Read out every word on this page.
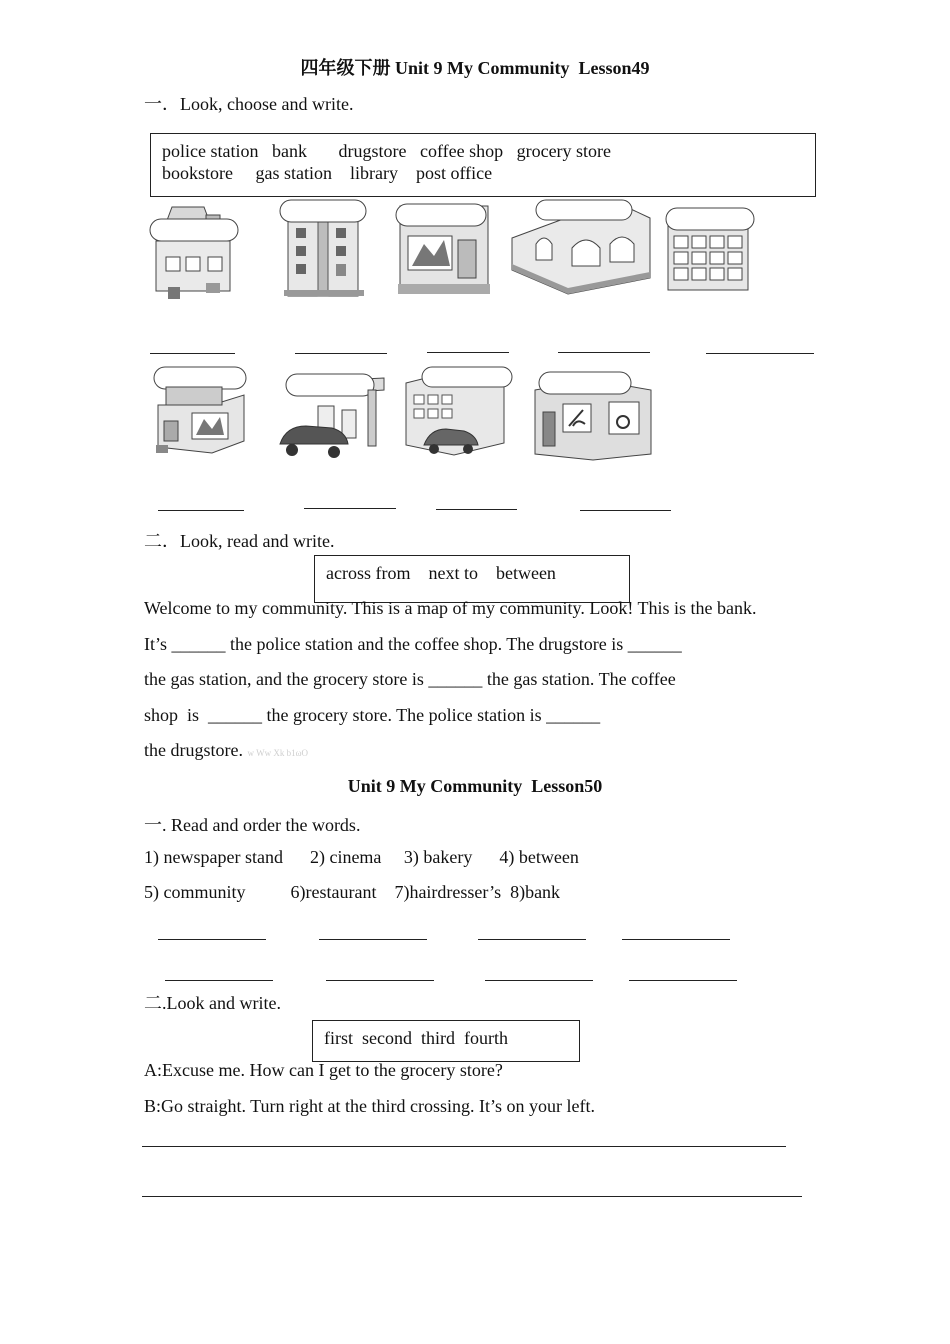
四年级下册 Unit 9 My Community  Lesson49
一．Look, choose and write.
police station   bank       drugstore   coffee shop   grocery store
bookstore     gas station    library    post office
二．Look, read and write.
across from    next to    between
Welcome to my community. This is a map of my community. Look! This is the bank.
It’s ______ the police station and the coffee shop. The drugstore is ______
the gas station, and the grocery store is ______ the gas station. The coffee
shop  is  ______ the grocery store. The police station is ______
the drugstore. w Ww Xk b1ωO
Unit 9 My Community  Lesson50
一. Read and order the words.
1) newspaper stand      2) cinema     3) bakery      4) between
5) community          6)restaurant    7)hairdresser’s  8)bank
二.Look and write.
first  second  third  fourth
A:Excuse me. How can I get to the grocery store?
B:Go straight. Turn right at the third crossing. It’s on your left.
